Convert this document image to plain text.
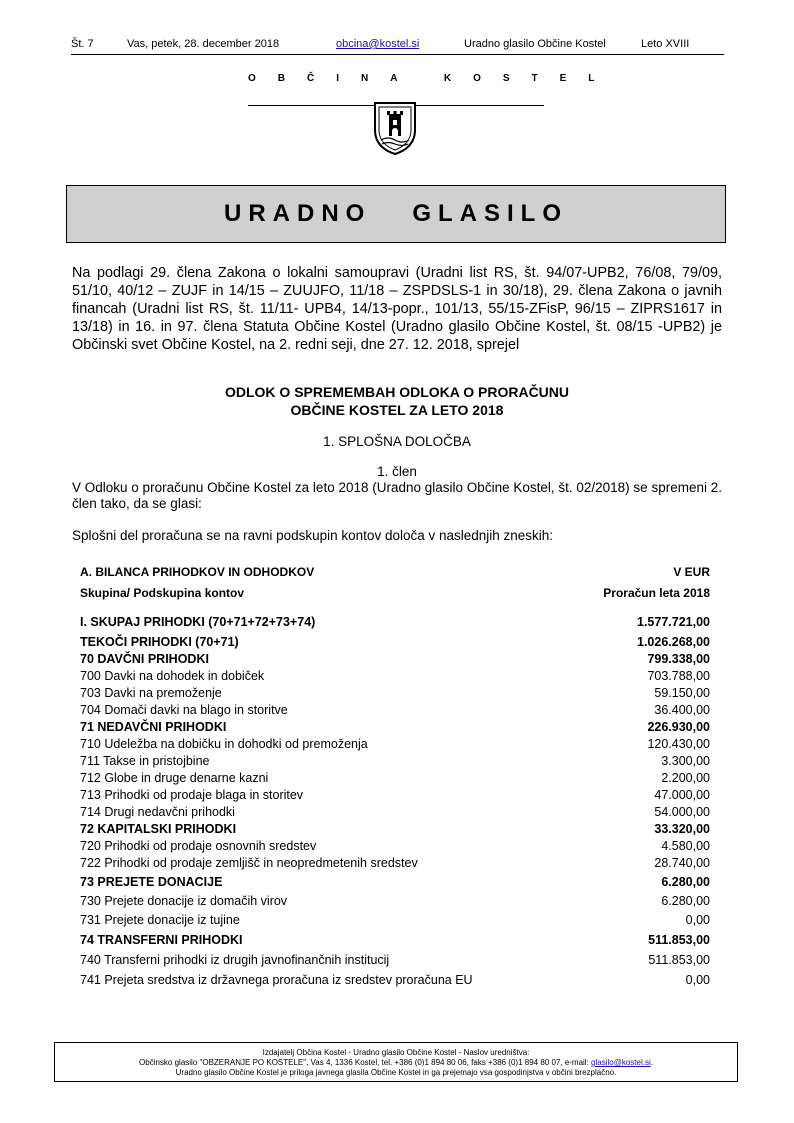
Št. 7	Vas, petek, 28. december 2018	obcina@kostel.si	Uradno glasilo Občine Kostel	Leto XVIII
OBČINA KOSTEL
URADNO   GLASILO
Na podlagi 29. člena Zakona o lokalni samoupravi (Uradni list RS, št. 94/07-UPB2, 76/08, 79/09, 51/10, 40/12 – ZUJF in 14/15 – ZUUJFO, 11/18 – ZSPDSLS-1 in 30/18), 29. člena Zakona o javnih financah (Uradni list RS, št. 11/11- UPB4, 14/13-popr., 101/13, 55/15-ZFisP, 96/15 – ZIPRS1617 in 13/18) in 16. in 97. člena Statuta Občine Kostel (Uradno glasilo Občine Kostel, št. 08/15 -UPB2) je Občinski svet Občine Kostel, na 2. redni seji, dne 27. 12. 2018, sprejel
ODLOK O SPREMEMBAH ODLOKA O PRORAČUNU
OBČINE KOSTEL ZA LETO 2018
1. SPLOŠNA DOLOČBA
1. člen
V Odloku o proračunu Občine Kostel za leto 2018 (Uradno glasilo Občine Kostel, št. 02/2018) se spremeni 2. člen tako, da se glasi:
Splošni del proračuna se na ravni podskupin kontov določa v naslednjih zneskih:
A. BILANCA PRIHODKOV IN ODHODKOV	V EUR
Skupina/ Podskupina kontov	Proračun leta 2018
I. SKUPAJ PRIHODKI (70+71+72+73+74)	1.577.721,00
TEKOČI PRIHODKI (70+71)	1.026.268,00
70 DAVČNI PRIHODKI	799.338,00
700 Davki na dohodek in dobiček	703.788,00
703 Davki na premoženje	59.150,00
704 Domači davki na blago in storitve	36.400,00
71 NEDAVČNI PRIHODKI	226.930,00
710 Udeležba na dobičku in dohodki od premoženja	120.430,00
711 Takse in pristojbine	3.300,00
712 Globe in druge denarne kazni	2.200,00
713 Prihodki od prodaje blaga in storitev	47.000,00
714 Drugi nedavčni prihodki	54.000,00
72 KAPITALSKI PRIHODKI	33.320,00
720 Prihodki od prodaje osnovnih sredstev	4.580,00
722 Prihodki od prodaje zemljišč in neopredmetenih sredstev	28.740,00
73 PREJETE DONACIJE	6.280,00
730 Prejete donacije iz domačih virov	6.280,00
731 Prejete donacije iz tujine	0,00
74 TRANSFERNI PRIHODKI	511.853,00
740 Transferni prihodki iz drugih javnofinančnih institucij	511.853,00
741 Prejeta sredstva iz državnega proračuna iz sredstev proračuna EU	0,00
Izdajatelj Občina Kostel - Uradno glasilo Občine Kostel - Naslov uredništva:
Občinsko glasilo "OBZERANJE PO KOSTELE", Vas 4, 1336 Kostel, tel. +386 (0)1 894 80 06, faks +386 (0)1 894 80 07, e-mail: glasilo@kostel.si.
Uradno glasilo Občine Kostel je priloga javnega glasila Občine Kostel in ga prejemajo vsa gospodinjstva v občini brezplačno.
